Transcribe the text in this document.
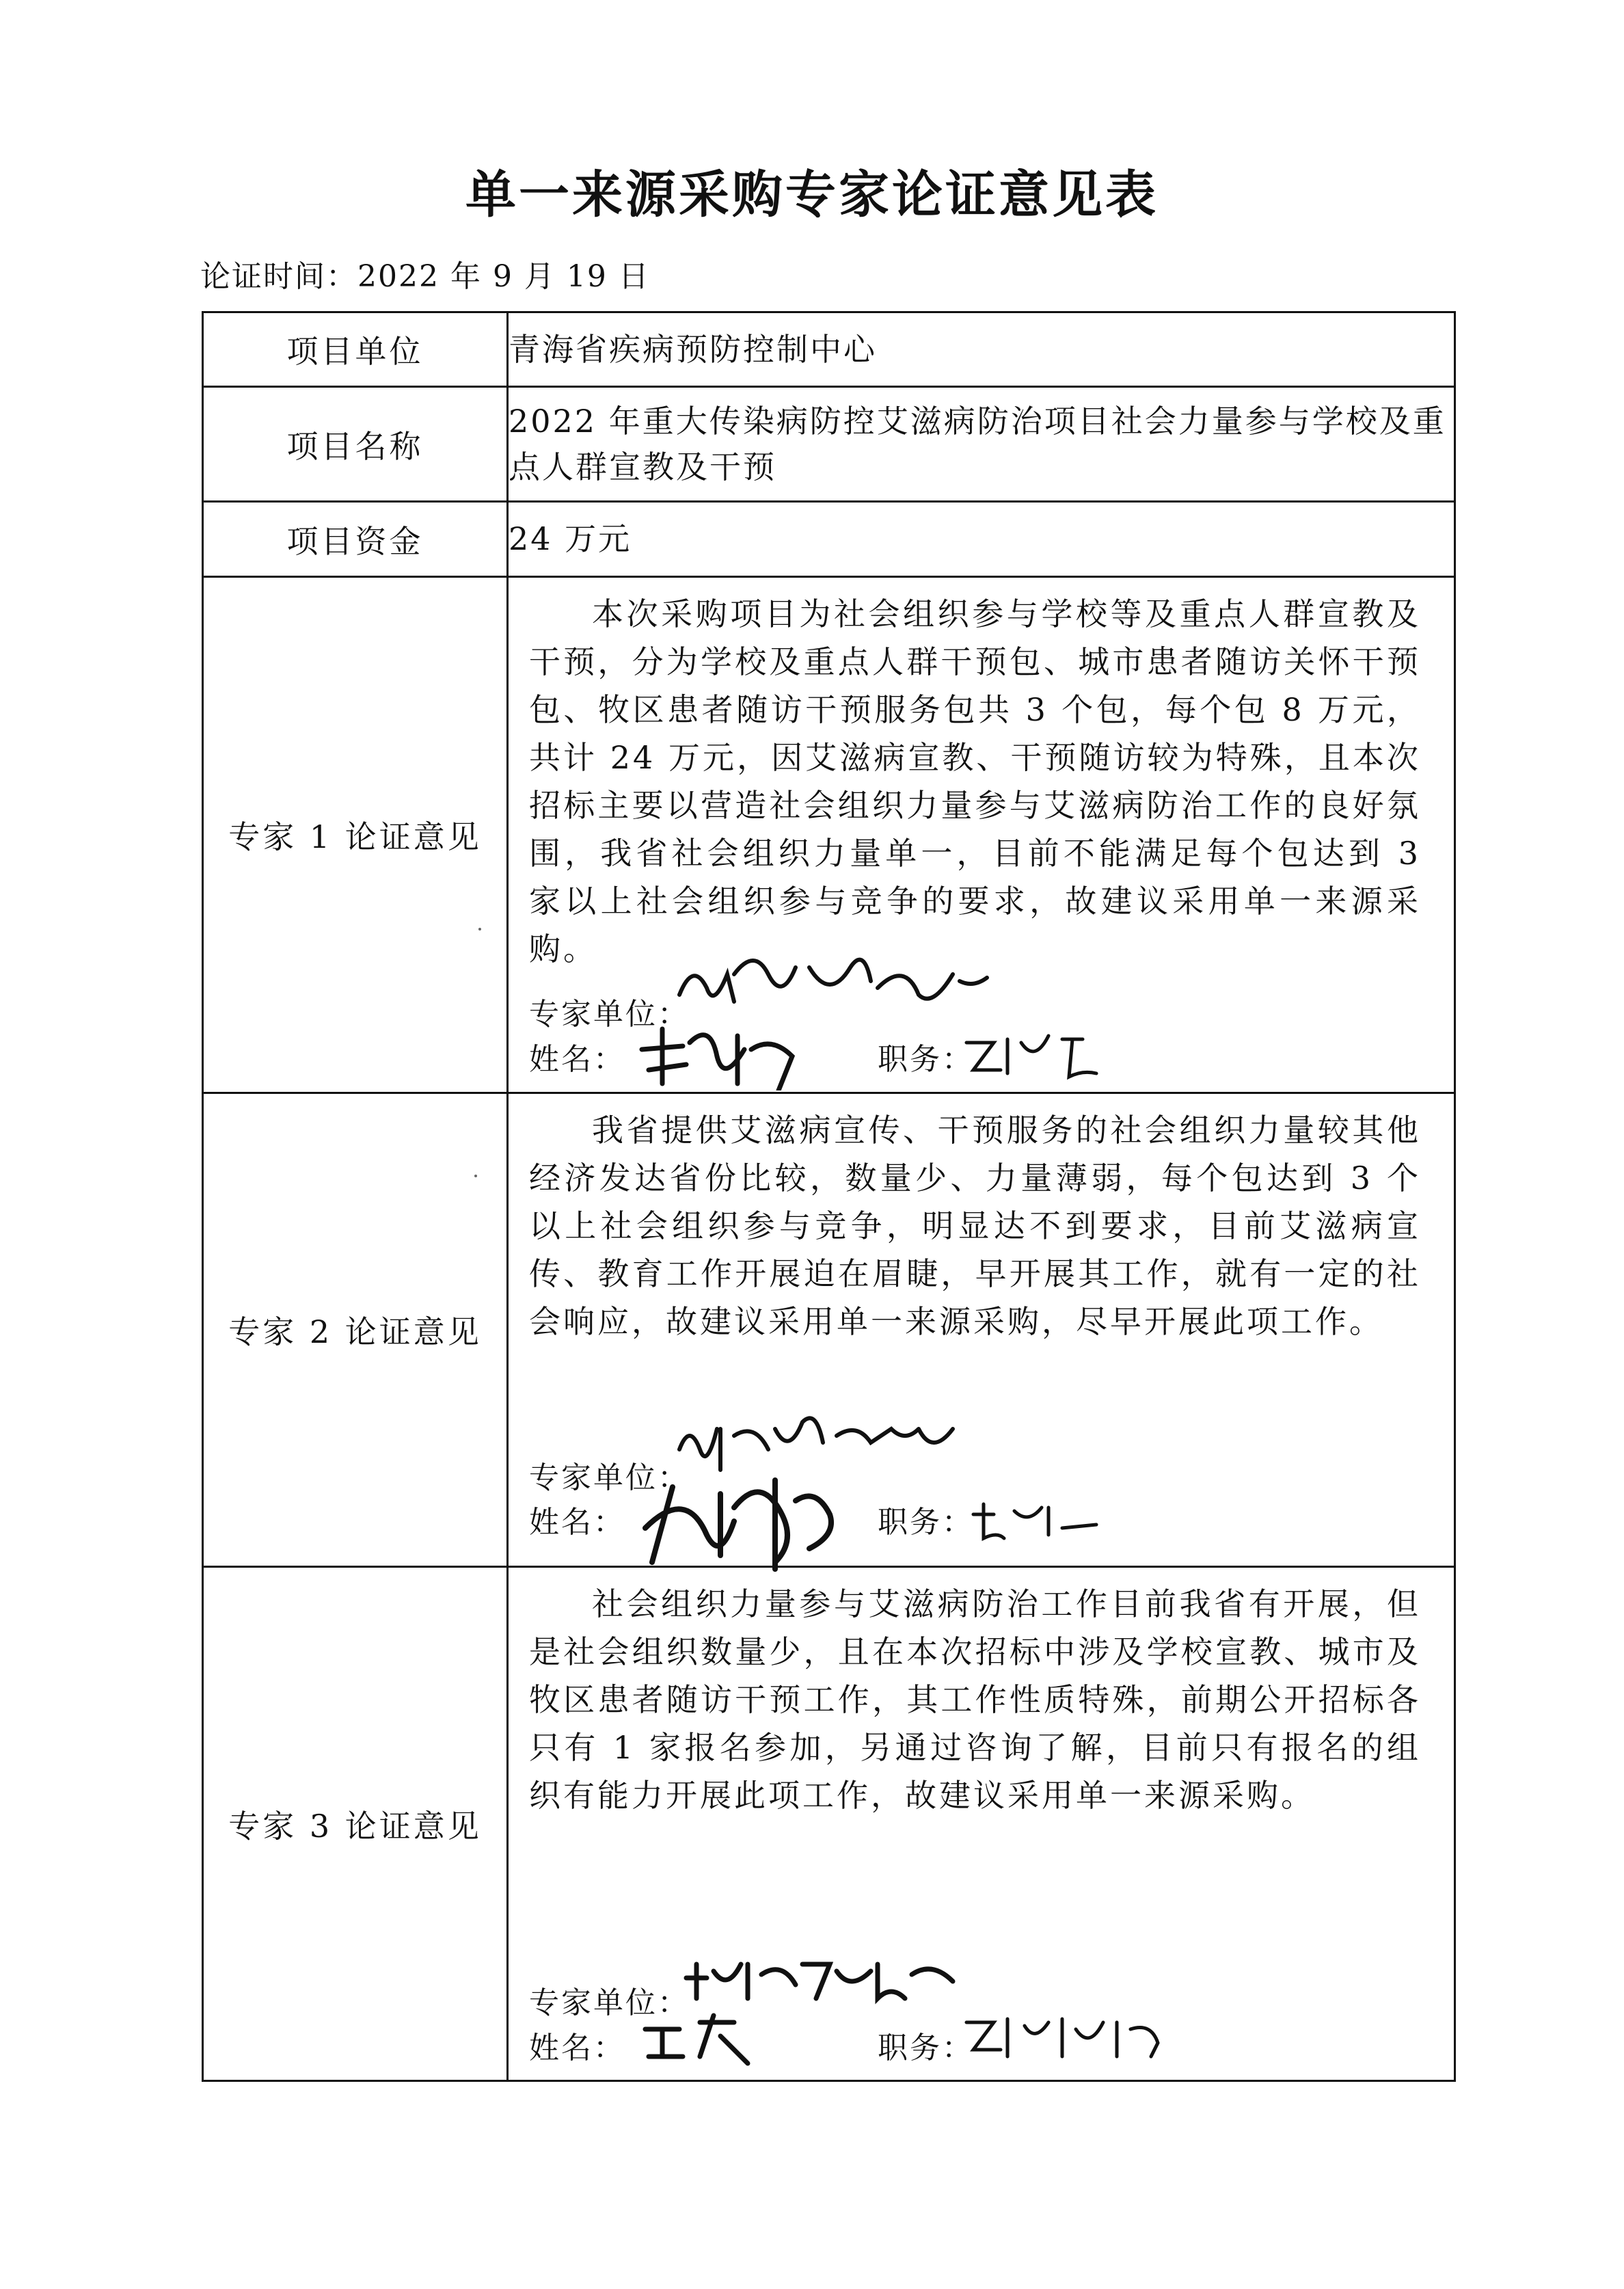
单一来源采购专家论证意见表
论证时间：2022 年 9 月 19 日
项目单位	青海省疾病预防控制中心
项目名称	2022 年重大传染病防控艾滋病防治项目社会力量参与学校及重点人群宣教及干预
项目资金	24 万元
专家 1 论证意见	本次采购项目为社会组织参与学校等及重点人群宣教及干预，分为学校及重点人群干预包、城市患者随访关怀干预包、牧区患者随访干预服务包共 3 个包，每个包 8 万元，共计 24 万元，因艾滋病宣教、干预随访较为特殊，且本次招标主要以营造社会组织力量参与艾滋病防治工作的良好氛围，我省社会组织力量单一，目前不能满足每个包达到 3 家以上社会组织参与竞争的要求，故建议采用单一来源采购。
专家单位：
姓名： 职务：

专家 2 论证意见	我省提供艾滋病宣传、干预服务的社会组织力量较其他经济发达省份比较，数量少、力量薄弱，每个包达到 3 个以上社会组织参与竞争，明显达不到要求，目前艾滋病宣传、教育工作开展迫在眉睫，早开展其工作，就有一定的社会响应，故建议采用单一来源采购，尽早开展此项工作。
专家单位：
姓名： 职务：

专家 3 论证意见	社会组织力量参与艾滋病防治工作目前我省有开展，但是社会组织数量少，且在本次招标中涉及学校宣教、城市及牧区患者随访干预工作，其工作性质特殊，前期公开招标各只有 1 家报名参加，另通过咨询了解，目前只有报名的组织有能力开展此项工作，故建议采用单一来源采购。
专家单位：
姓名： 职务：
